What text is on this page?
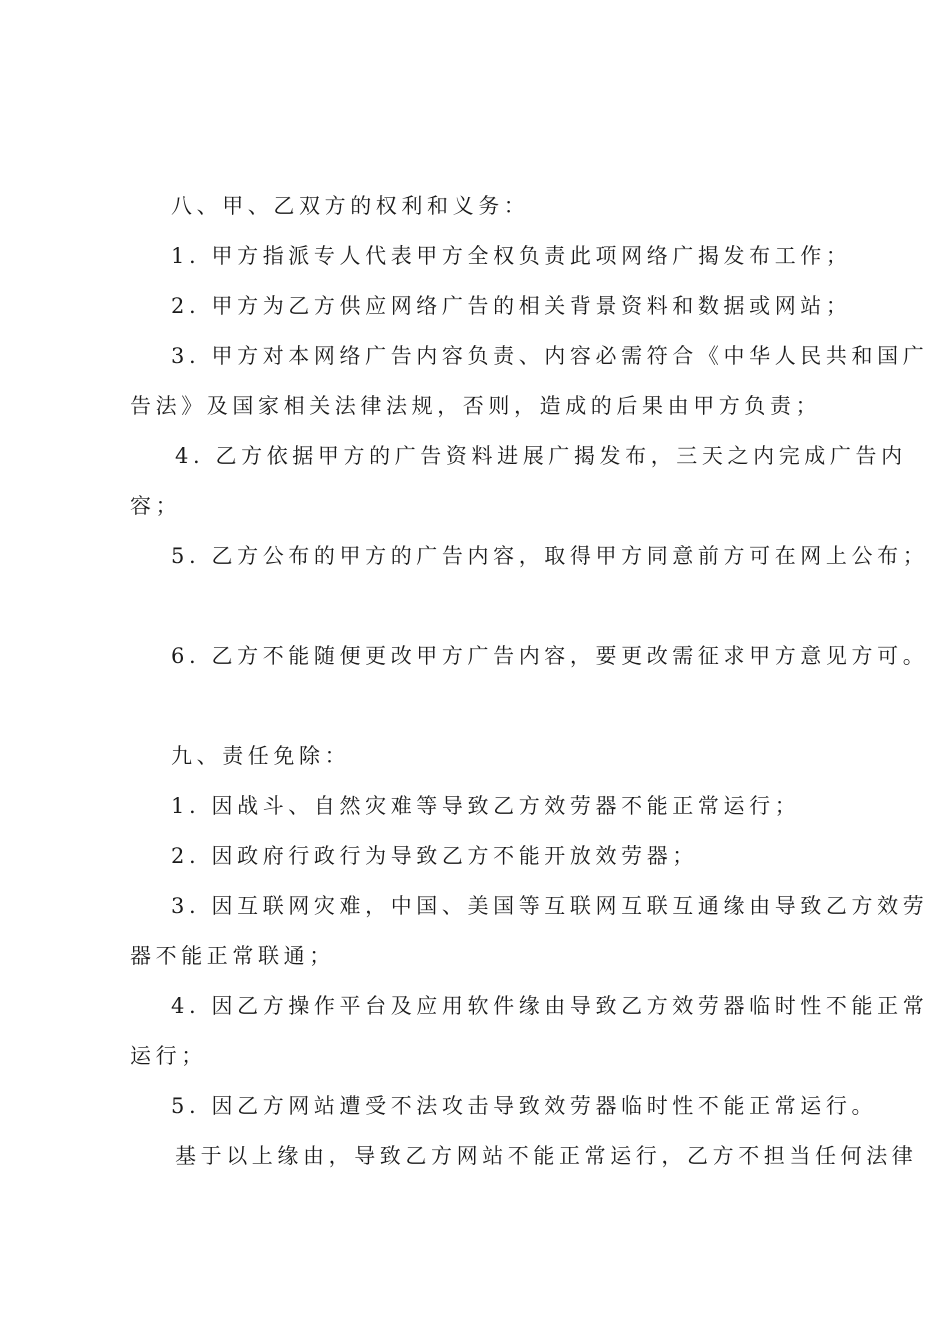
八、甲、乙双方的权利和义务：
1. 甲方指派专人代表甲方全权负责此项网络广揭发布工作；
2. 甲方为乙方供应网络广告的相关背景资料和数据或网站；
3. 甲方对本网络广告内容负责、内容必需符合《中华人民共和国广
告法》及国家相关法律法规，否则，造成的后果由甲方负责；
4. 乙方依据甲方的广告资料进展广揭发布，三天之内完成广告内
容；
5. 乙方公布的甲方的广告内容，取得甲方同意前方可在网上公布；
6. 乙方不能随便更改甲方广告内容，要更改需征求甲方意见方可。
九、责任免除：
1. 因战斗、自然灾难等导致乙方效劳器不能正常运行；
2. 因政府行政行为导致乙方不能开放效劳器；
3. 因互联网灾难，中国、美国等互联网互联互通缘由导致乙方效劳
器不能正常联通；
4. 因乙方操作平台及应用软件缘由导致乙方效劳器临时性不能正常
运行；
5. 因乙方网站遭受不法攻击导致效劳器临时性不能正常运行。
基于以上缘由，导致乙方网站不能正常运行，乙方不担当任何法律
